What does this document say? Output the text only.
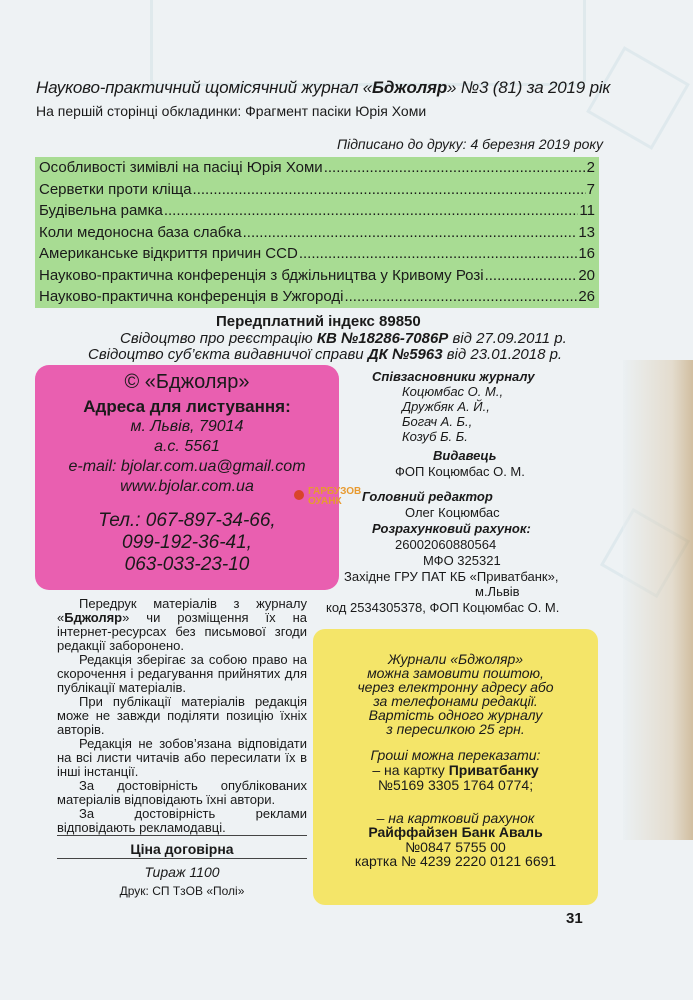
Науково-практичний щомісячний журнал «Бджоляр» №3 (81) за 2019 рік
На першій сторінці обкладинки: Фрагмент пасіки Юрія Хоми
Підписано до друку: 4 березня 2019 року
Особливості зимівлі на пасіці Юрія Хоми .....	2
Серветки проти кліща .....	7
Будівельна рамка .....	11
Коли медоносна база слабка .....	13
Американське відкриття причин CCD .....	16
Науково-практична конференція з бджільництва у Кривому Розі .....	20
Науково-практична конференція в Ужгороді .....	26
Передплатний індекс 89850
Свідоцтво про реєстрацію КВ №18286-7086Р від 27.09.2011 р.
Свідоцтво суб’єкта видавничої справи ДК №5963 від 23.01.2018 р.
© «Бджоляр»
Адреса для листування:
м. Львів, 79014
а.с. 5561
e-mail: bjolar.com.ua@gmail.com
www.bjolar.com.ua
Тел.: 067-897-34-66,
099-192-36-41,
063-033-23-10
ГАРБУЗОВ
ОУАНК
Співзасновники журналу
Коцюмбас О. М.,
Дружбяк А. Й.,
Богач А. Б.,
Козуб Б. Б.
Видавець
ФОП Коцюмбас О. М.
Головний редактор
Олег Коцюмбас
Розрахунковий рахунок:
26002060880564
МФО 325321
Західне ГРУ ПАТ КБ «Приватбанк»,
м.Львів
код 2534305378, ФОП Коцюмбас О. М.

Передрук матеріалів з журналу «Бджоляр» чи розміщення їх на інтернет-ресурсах без письмової згоди редакції заборонено.

Редакція зберігає за собою право на скорочення і редагування прийнятих для публікації матеріалів.

При публікації матеріалів редакція може не завжди поділяти позицію їхніх авторів.

Редакція не зобов’язана відповідати на всі листи читачів або пересилати їх в інші інстанції.

За достовірність опублікованих матеріалів відповідають їхні автори.

За достовірність реклами відповідають рекламодавці.

Ціна договірна
Тираж 1100
Друк: СП ТзОВ «Полі»
Журнали «Бджоляр»
можна замовити поштою,
через електронну адресу або
за телефонами редакції.
Вартість одного журналу
з пересилкою 25 грн.
Гроші можна переказати:
– на картку Приватбанку
№5169 3305 1764 0774;
– на картковий рахунок
Райффайзен Банк Аваль
№0847 5755 00
картка № 4239 2220 0121 6691
31
